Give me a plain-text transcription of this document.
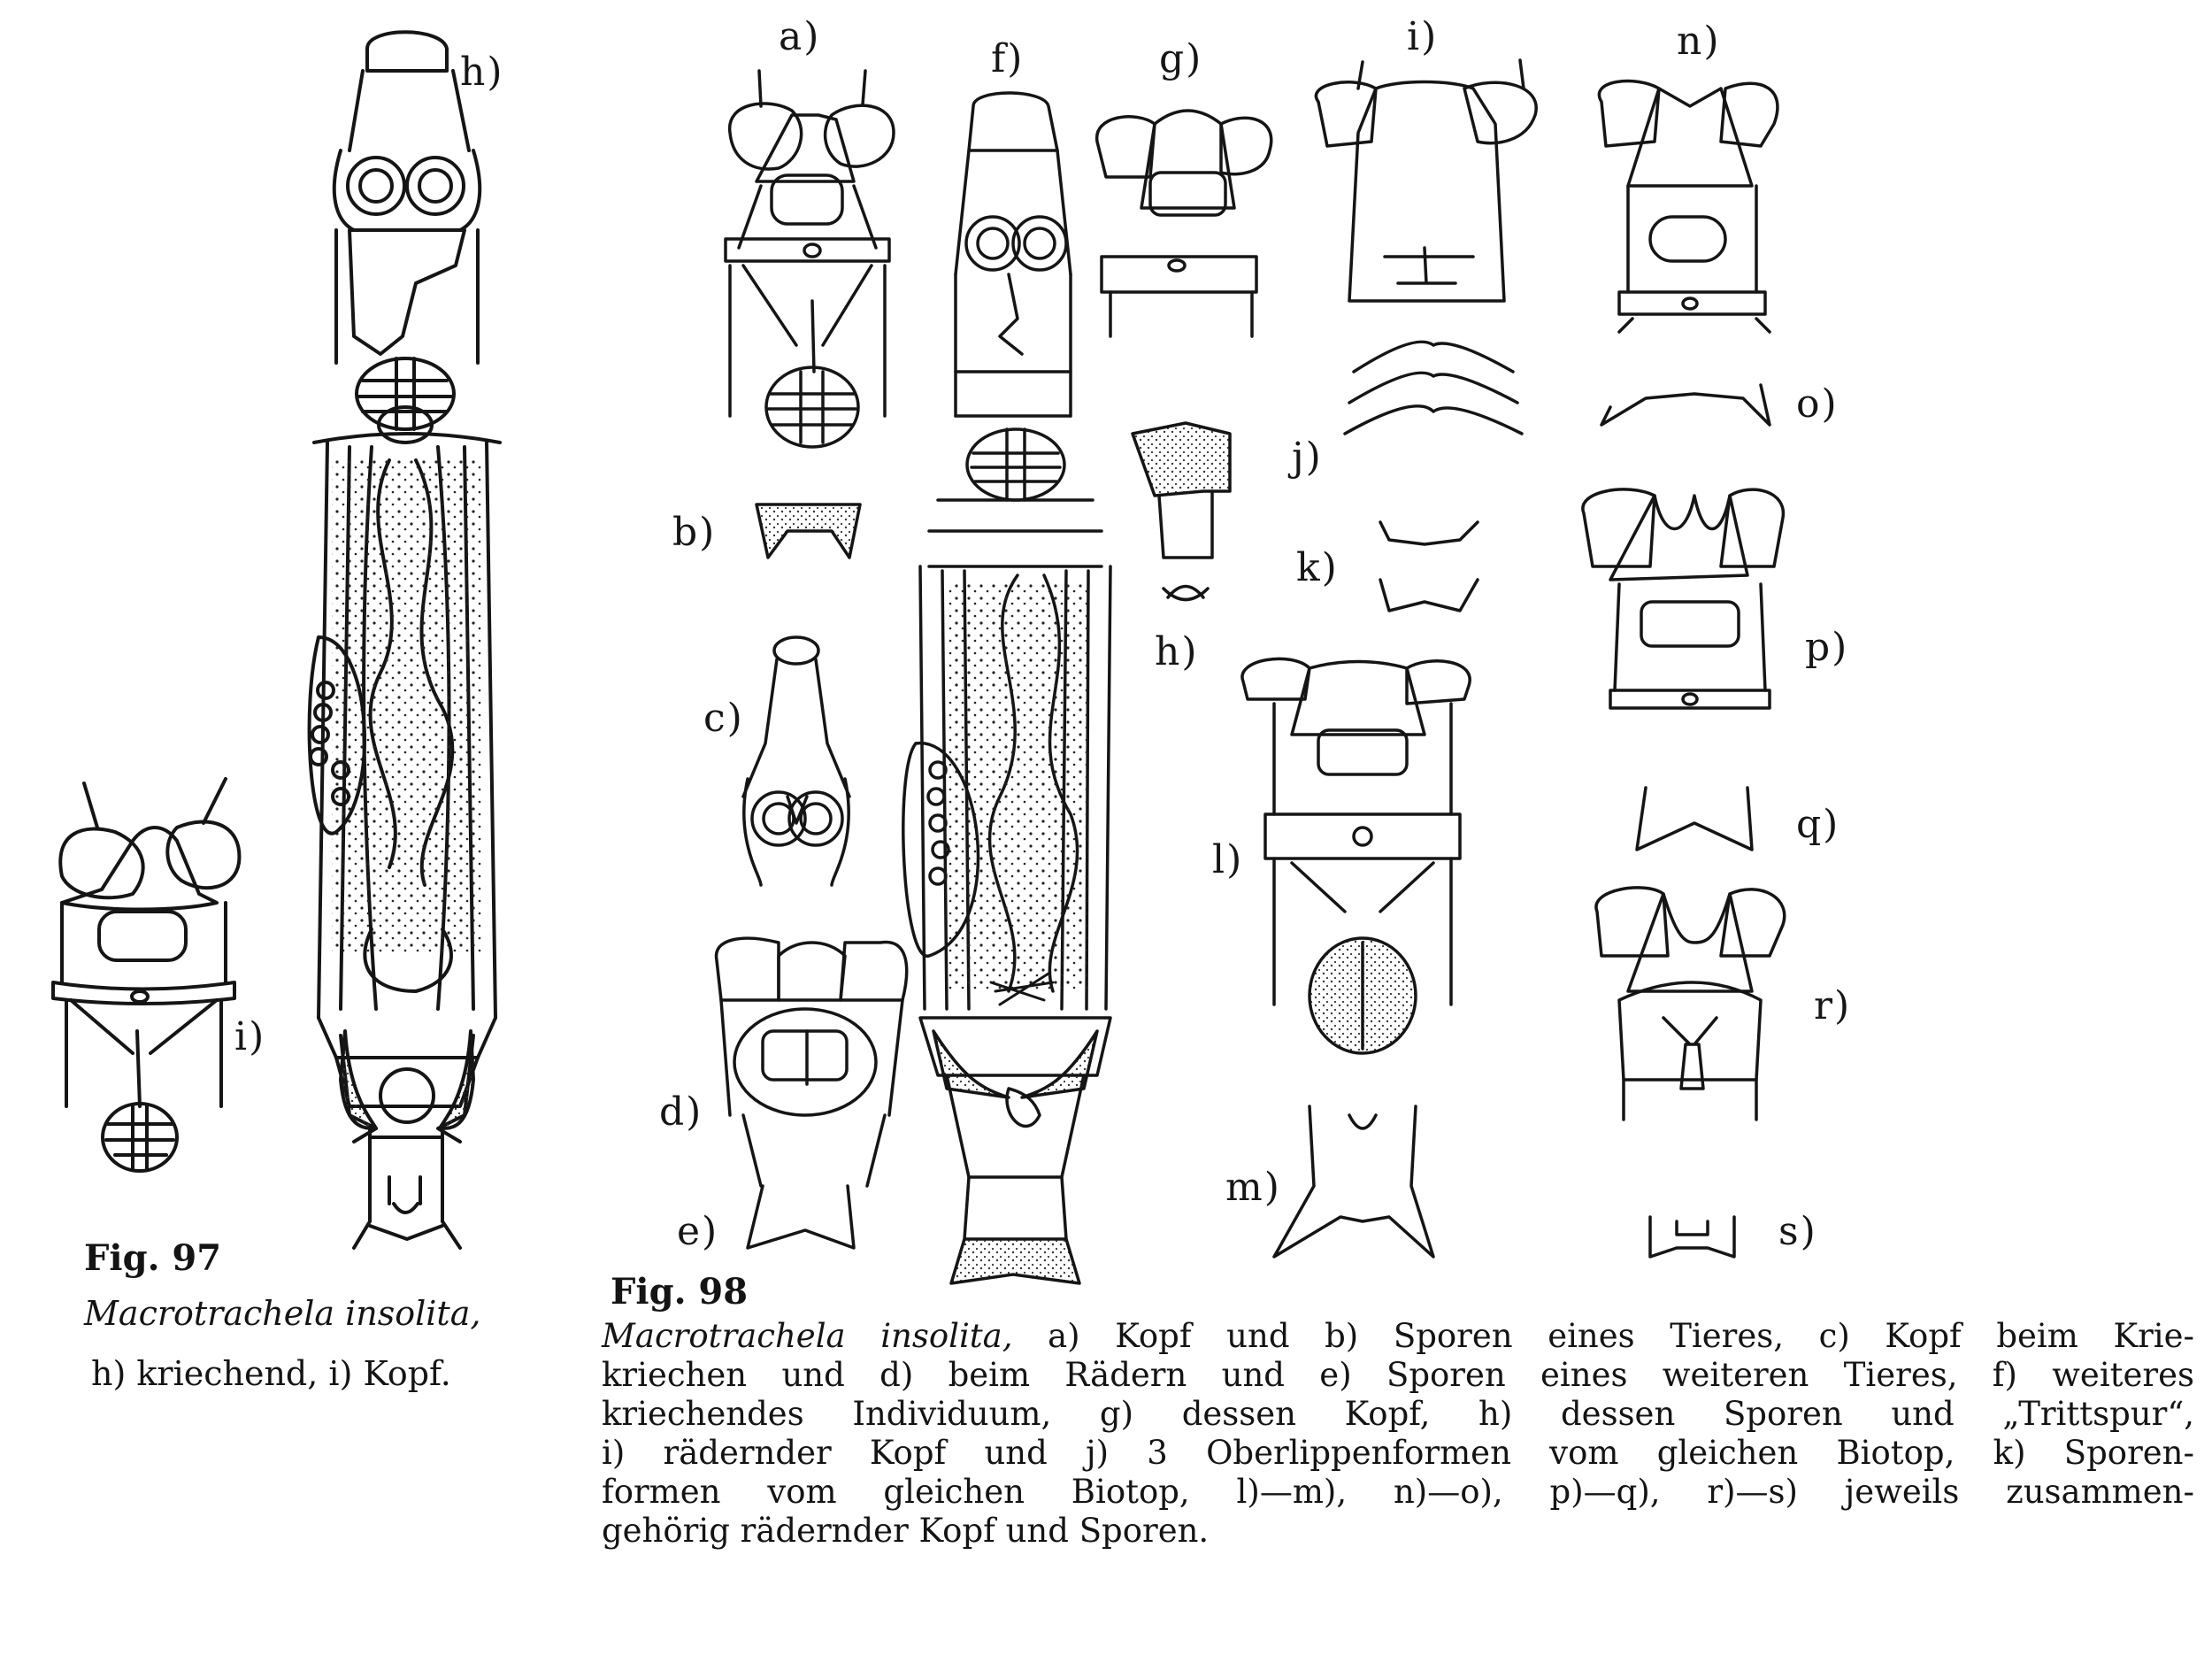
h)
i)
a)
b)
c)
d)
e)
f)	g)
h)
i)
j)
k)
l)
m)
n)
o)
p)
q)
r)
s)
Fig. 97

Macrotrachela insolita,

h) kriechend, i) Kopf.

Fig. 98
Macrotrachela insolita, a) Kopf und b) Sporen eines Tieres, c) Kopf beim Krie-
kriechen und d) beim Rädern und e) Sporen eines weiteren Tieres, f) weiteres
kriechendes Individuum, g) dessen Kopf, h) dessen Sporen und „Trittspur“,
i) rädernder Kopf und j) 3 Oberlippenformen vom gleichen Biotop, k) Sporen-
formen vom gleichen Biotop, l)—m), n)—o), p)—q), r)—s) jeweils zusammen-
gehörig rädernder Kopf und Sporen.
